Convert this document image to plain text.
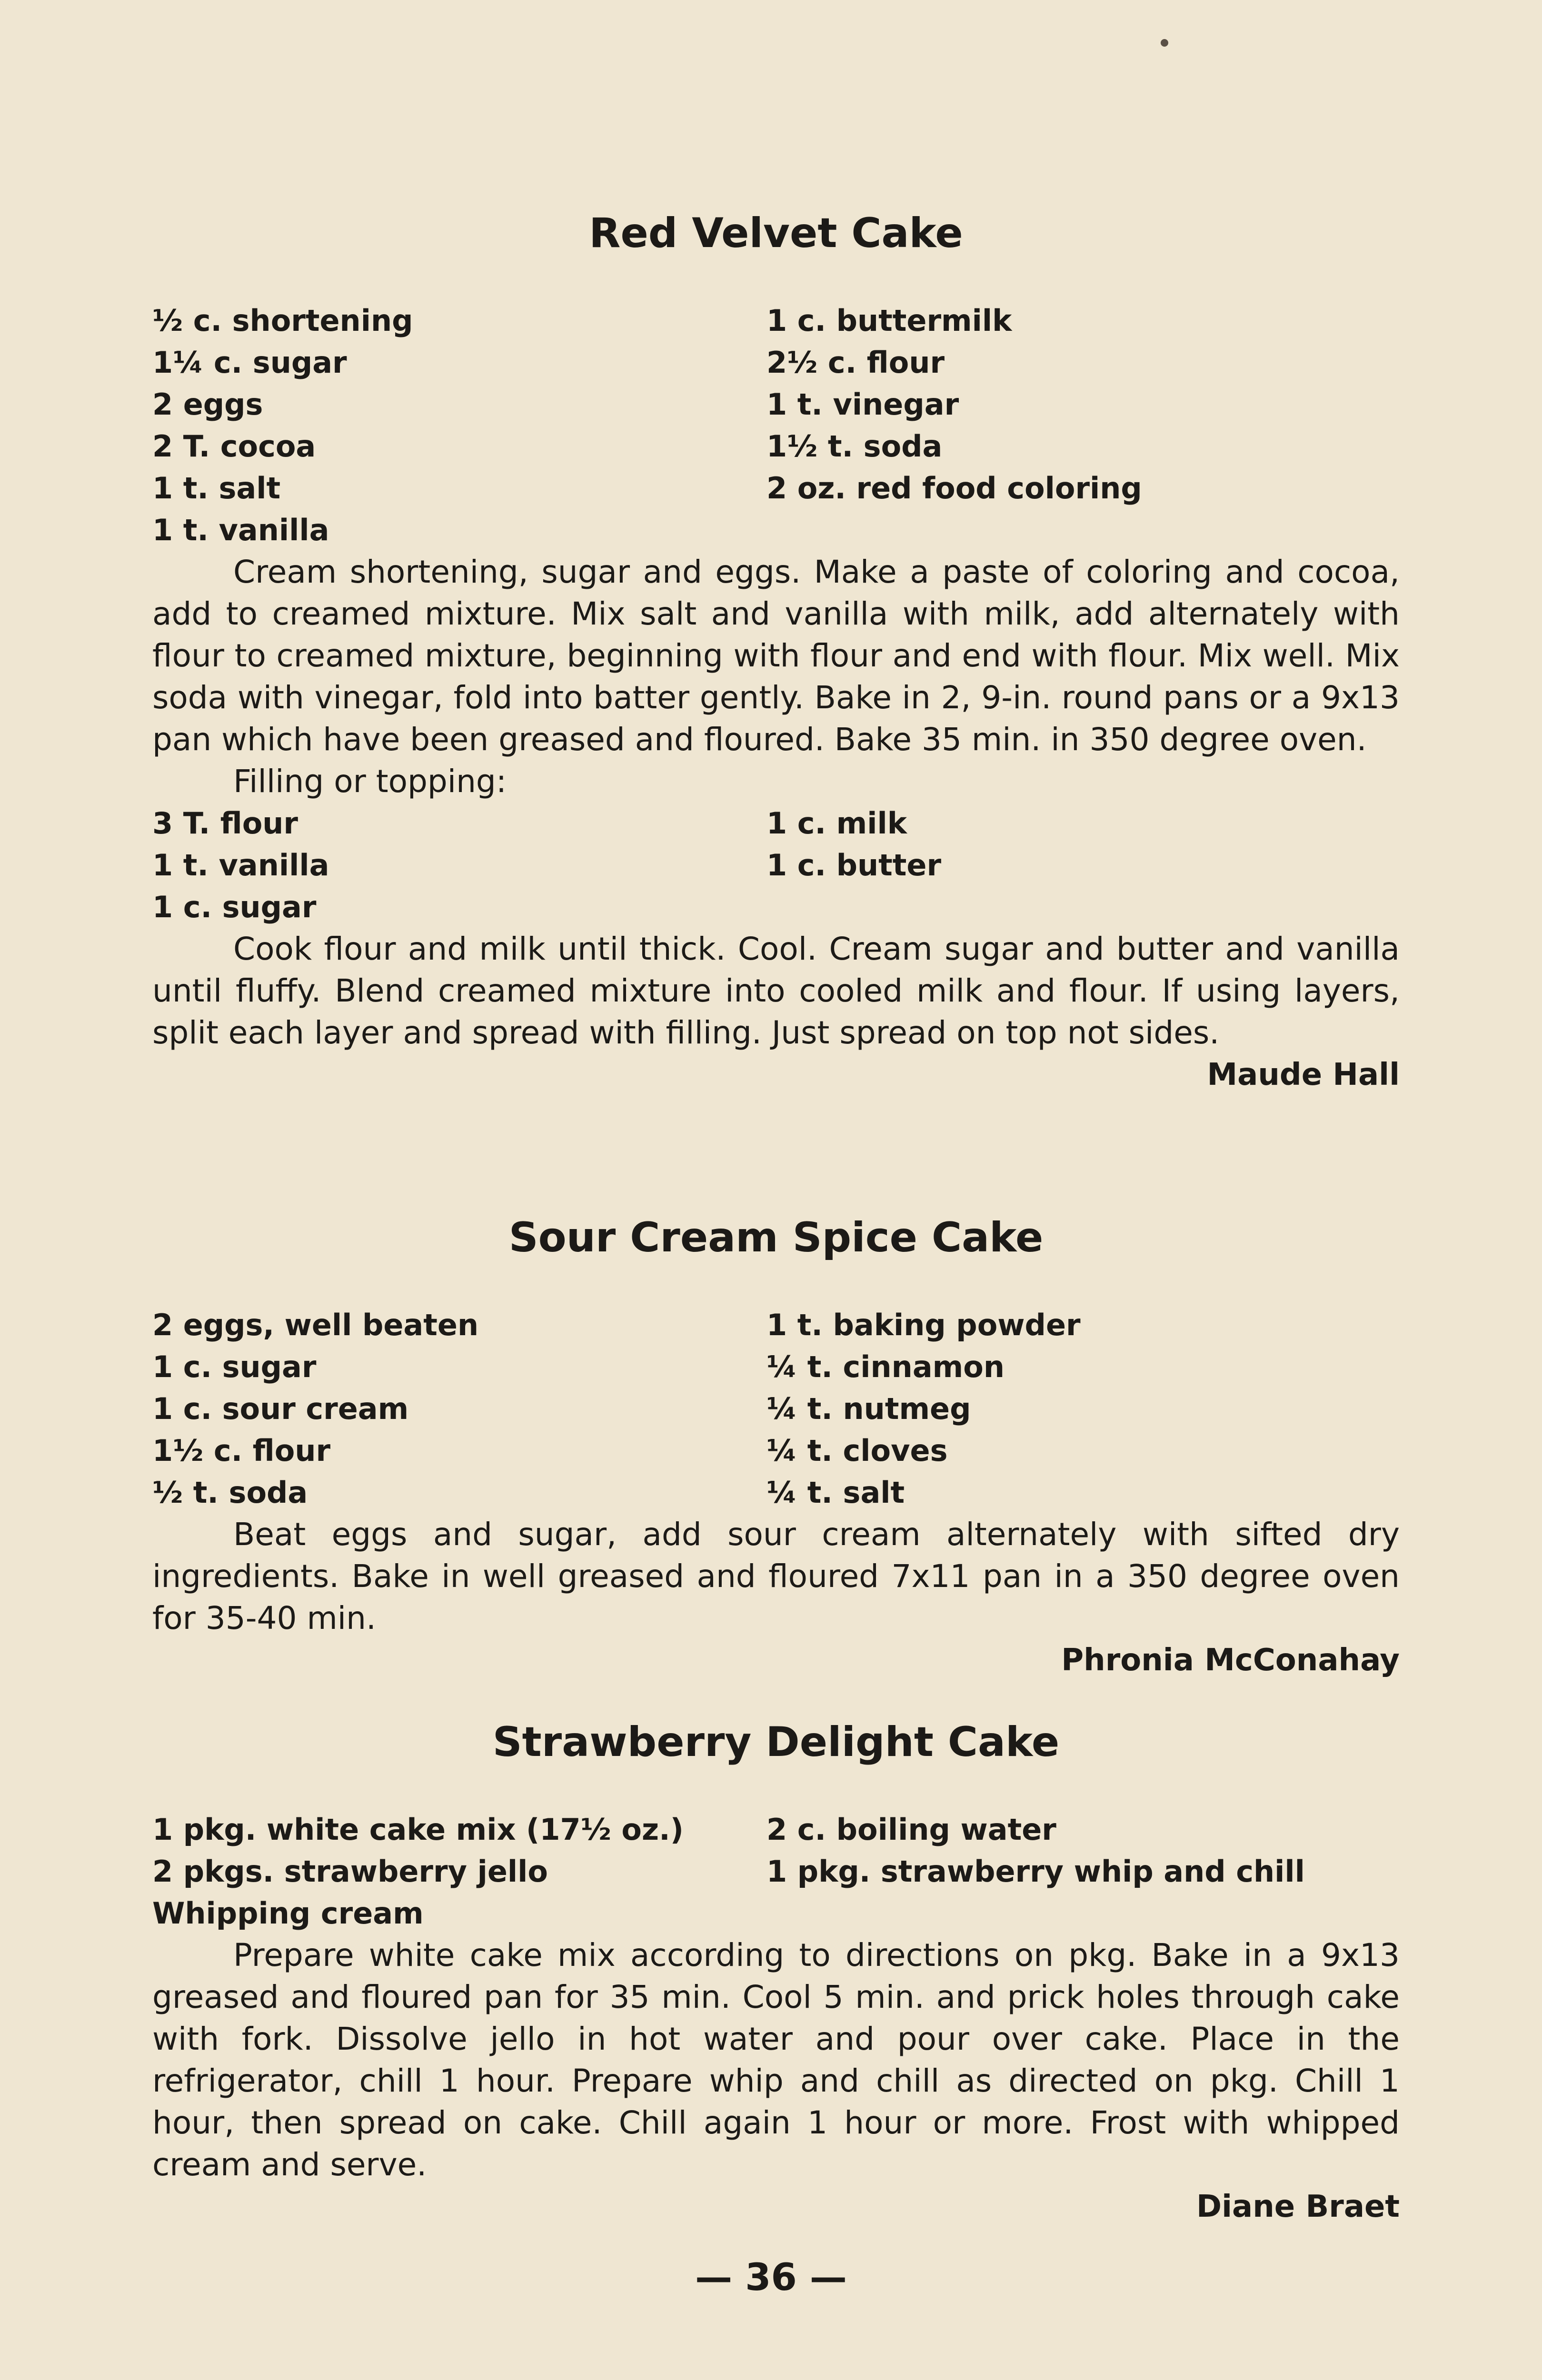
Red Velvet Cake
½ c. shortening
1¼ c. sugar
2 eggs
2 T. cocoa
1 t. salt
1 t. vanilla
1 c. buttermilk
2½ c. flour
1 t. vinegar
1½ t. soda
2 oz. red food coloring

Cream shortening, sugar and eggs. Make a paste of coloring and cocoa, add to creamed mixture. Mix salt and vanilla with milk, add alternately with flour to creamed mixture, beginning with flour and end with flour. Mix well. Mix soda with vinegar, fold into batter gently. Bake in 2, 9-in. round pans or a 9x13 pan which have been greased and floured. Bake 35 min. in 350 degree oven.

Filling or topping:
3 T. flour
1 t. vanilla
1 c. sugar
1 c. milk
1 c. butter

Cook flour and milk until thick. Cool. Cream sugar and butter and vanilla until fluffy. Blend creamed mixture into cooled milk and flour. If using layers, split each layer and spread with filling. Just spread on top not sides.

Maude Hall
Sour Cream Spice Cake
2 eggs, well beaten
1 c. sugar
1 c. sour cream
1½ c. flour
½ t. soda
1 t. baking powder
¼ t. cinnamon
¼ t. nutmeg
¼ t. cloves
¼ t. salt

Beat eggs and sugar, add sour cream alternately with sifted dry ingredients. Bake in well greased and floured 7x11 pan in a 350 degree oven for 35-40 min.

Phronia McConahay
Strawberry Delight Cake
1 pkg. white cake mix (17½ oz.)
2 pkgs. strawberry jello
Whipping cream
2 c. boiling water
1 pkg. strawberry whip and chill

Prepare white cake mix according to directions on pkg. Bake in a 9x13 greased and floured pan for 35 min. Cool 5 min. and prick holes through cake with fork. Dissolve jello in hot water and pour over cake. Place in the refrigerator, chill 1 hour. Prepare whip and chill as directed on pkg. Chill 1 hour, then spread on cake. Chill again 1 hour or more. Frost with whipped cream and serve.

Diane Braet
— 36 —
